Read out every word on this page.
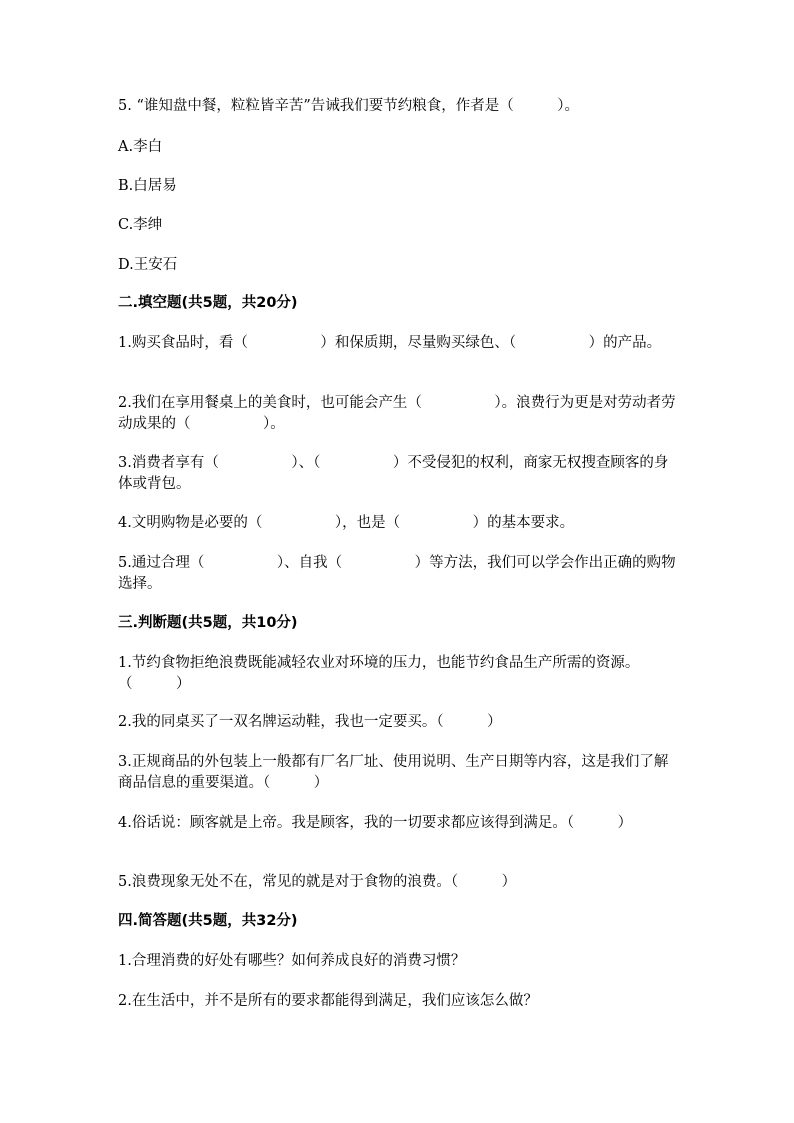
5. “谁知盘中餐，粒粒皆辛苦”告诫我们要节约粮食，作者是（　　　）。
A.李白
B.白居易
C.李绅
D.王安石
二.填空题(共5题，共20分)
1.购买食品时，看（　　　　　）和保质期，尽量购买绿色、（　　　　　）的产品。
2.我们在享用餐桌上的美食时，也可能会产生（　　　　　）。浪费行为更是对劳动者劳动成果的（　　　　　）。
3.消费者享有（　　　　　）、（　　　　　）不受侵犯的权利，商家无权搜查顾客的身体或背包。
4.文明购物是必要的（　　　　　），也是（　　　　　）的基本要求。
5.通过合理（　　　　　）、自我（　　　　　）等方法，我们可以学会作出正确的购物选择。
三.判断题(共5题，共10分)
1.节约食物拒绝浪费既能减轻农业对环境的压力，也能节约食品生产所需的资源。（　　　）
2.我的同桌买了一双名牌运动鞋，我也一定要买。（　　　）
3.正规商品的外包装上一般都有厂名厂址、使用说明、生产日期等内容，这是我们了解商品信息的重要渠道。（　　　）
4.俗话说：顾客就是上帝。我是顾客，我的一切要求都应该得到满足。（　　　）
5.浪费现象无处不在，常见的就是对于食物的浪费。（　　　）
四.简答题(共5题，共32分)
1.合理消费的好处有哪些？如何养成良好的消费习惯？
2.在生活中，并不是所有的要求都能得到满足，我们应该怎么做？
